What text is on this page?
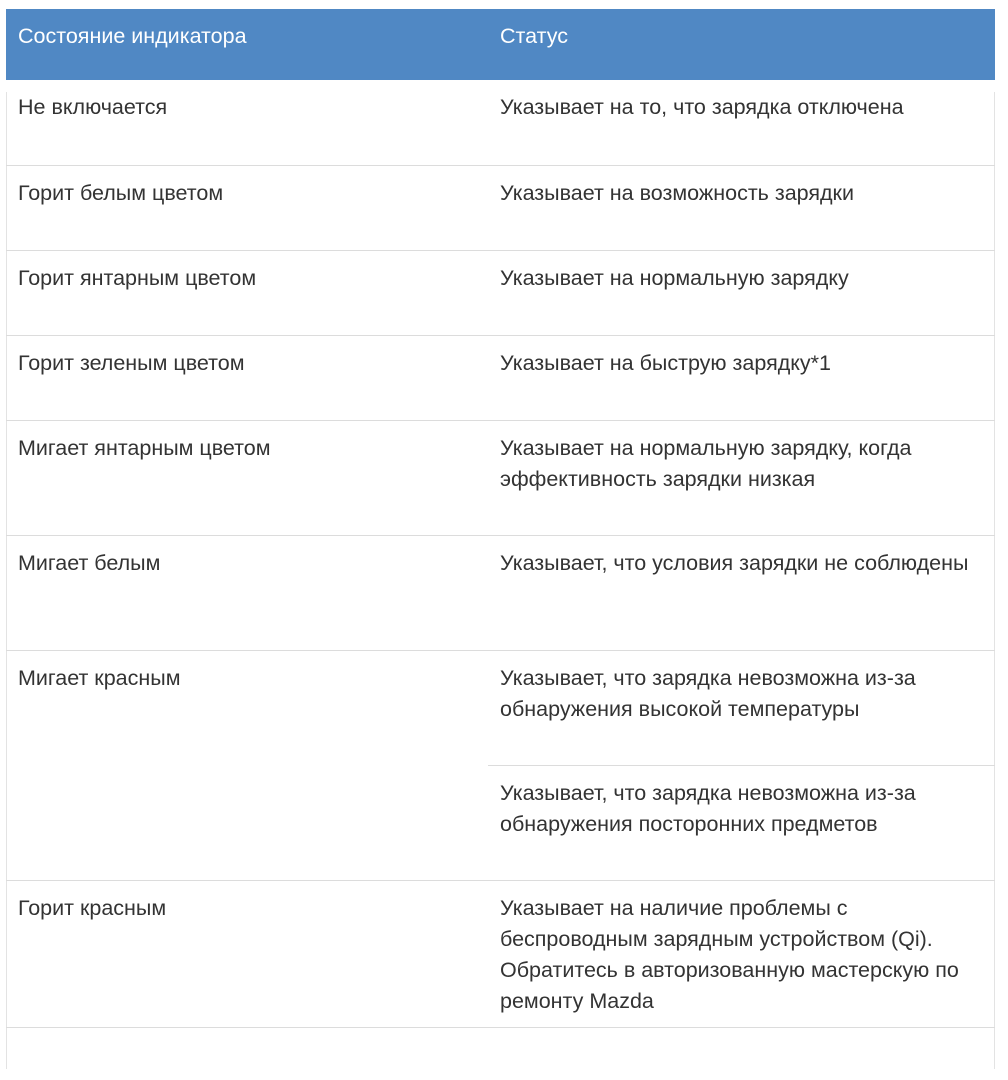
Состояние индикатора	Статус
Не включается	Указывает на то, что зарядка отключена
Горит белым цветом	Указывает на возможность зарядки
Горит янтарным цветом	Указывает на нормальную зарядку
Горит зеленым цветом	Указывает на быструю зарядку*1
Мигает янтарным цветом	Указывает на нормальную зарядку, когда эффективность зарядки низкая
Мигает белым	Указывает, что условия зарядки не соблюдены
Мигает красным	Указывает, что зарядка невозможна из-за обнаружения высокой температуры
	Указывает, что зарядка невозможна из-за обнаружения посторонних предметов
Горит красным	Указывает на наличие проблемы с беспроводным зарядным устройством (Qi). Обратитесь в авторизованную мастерскую по ремонту Mazda
